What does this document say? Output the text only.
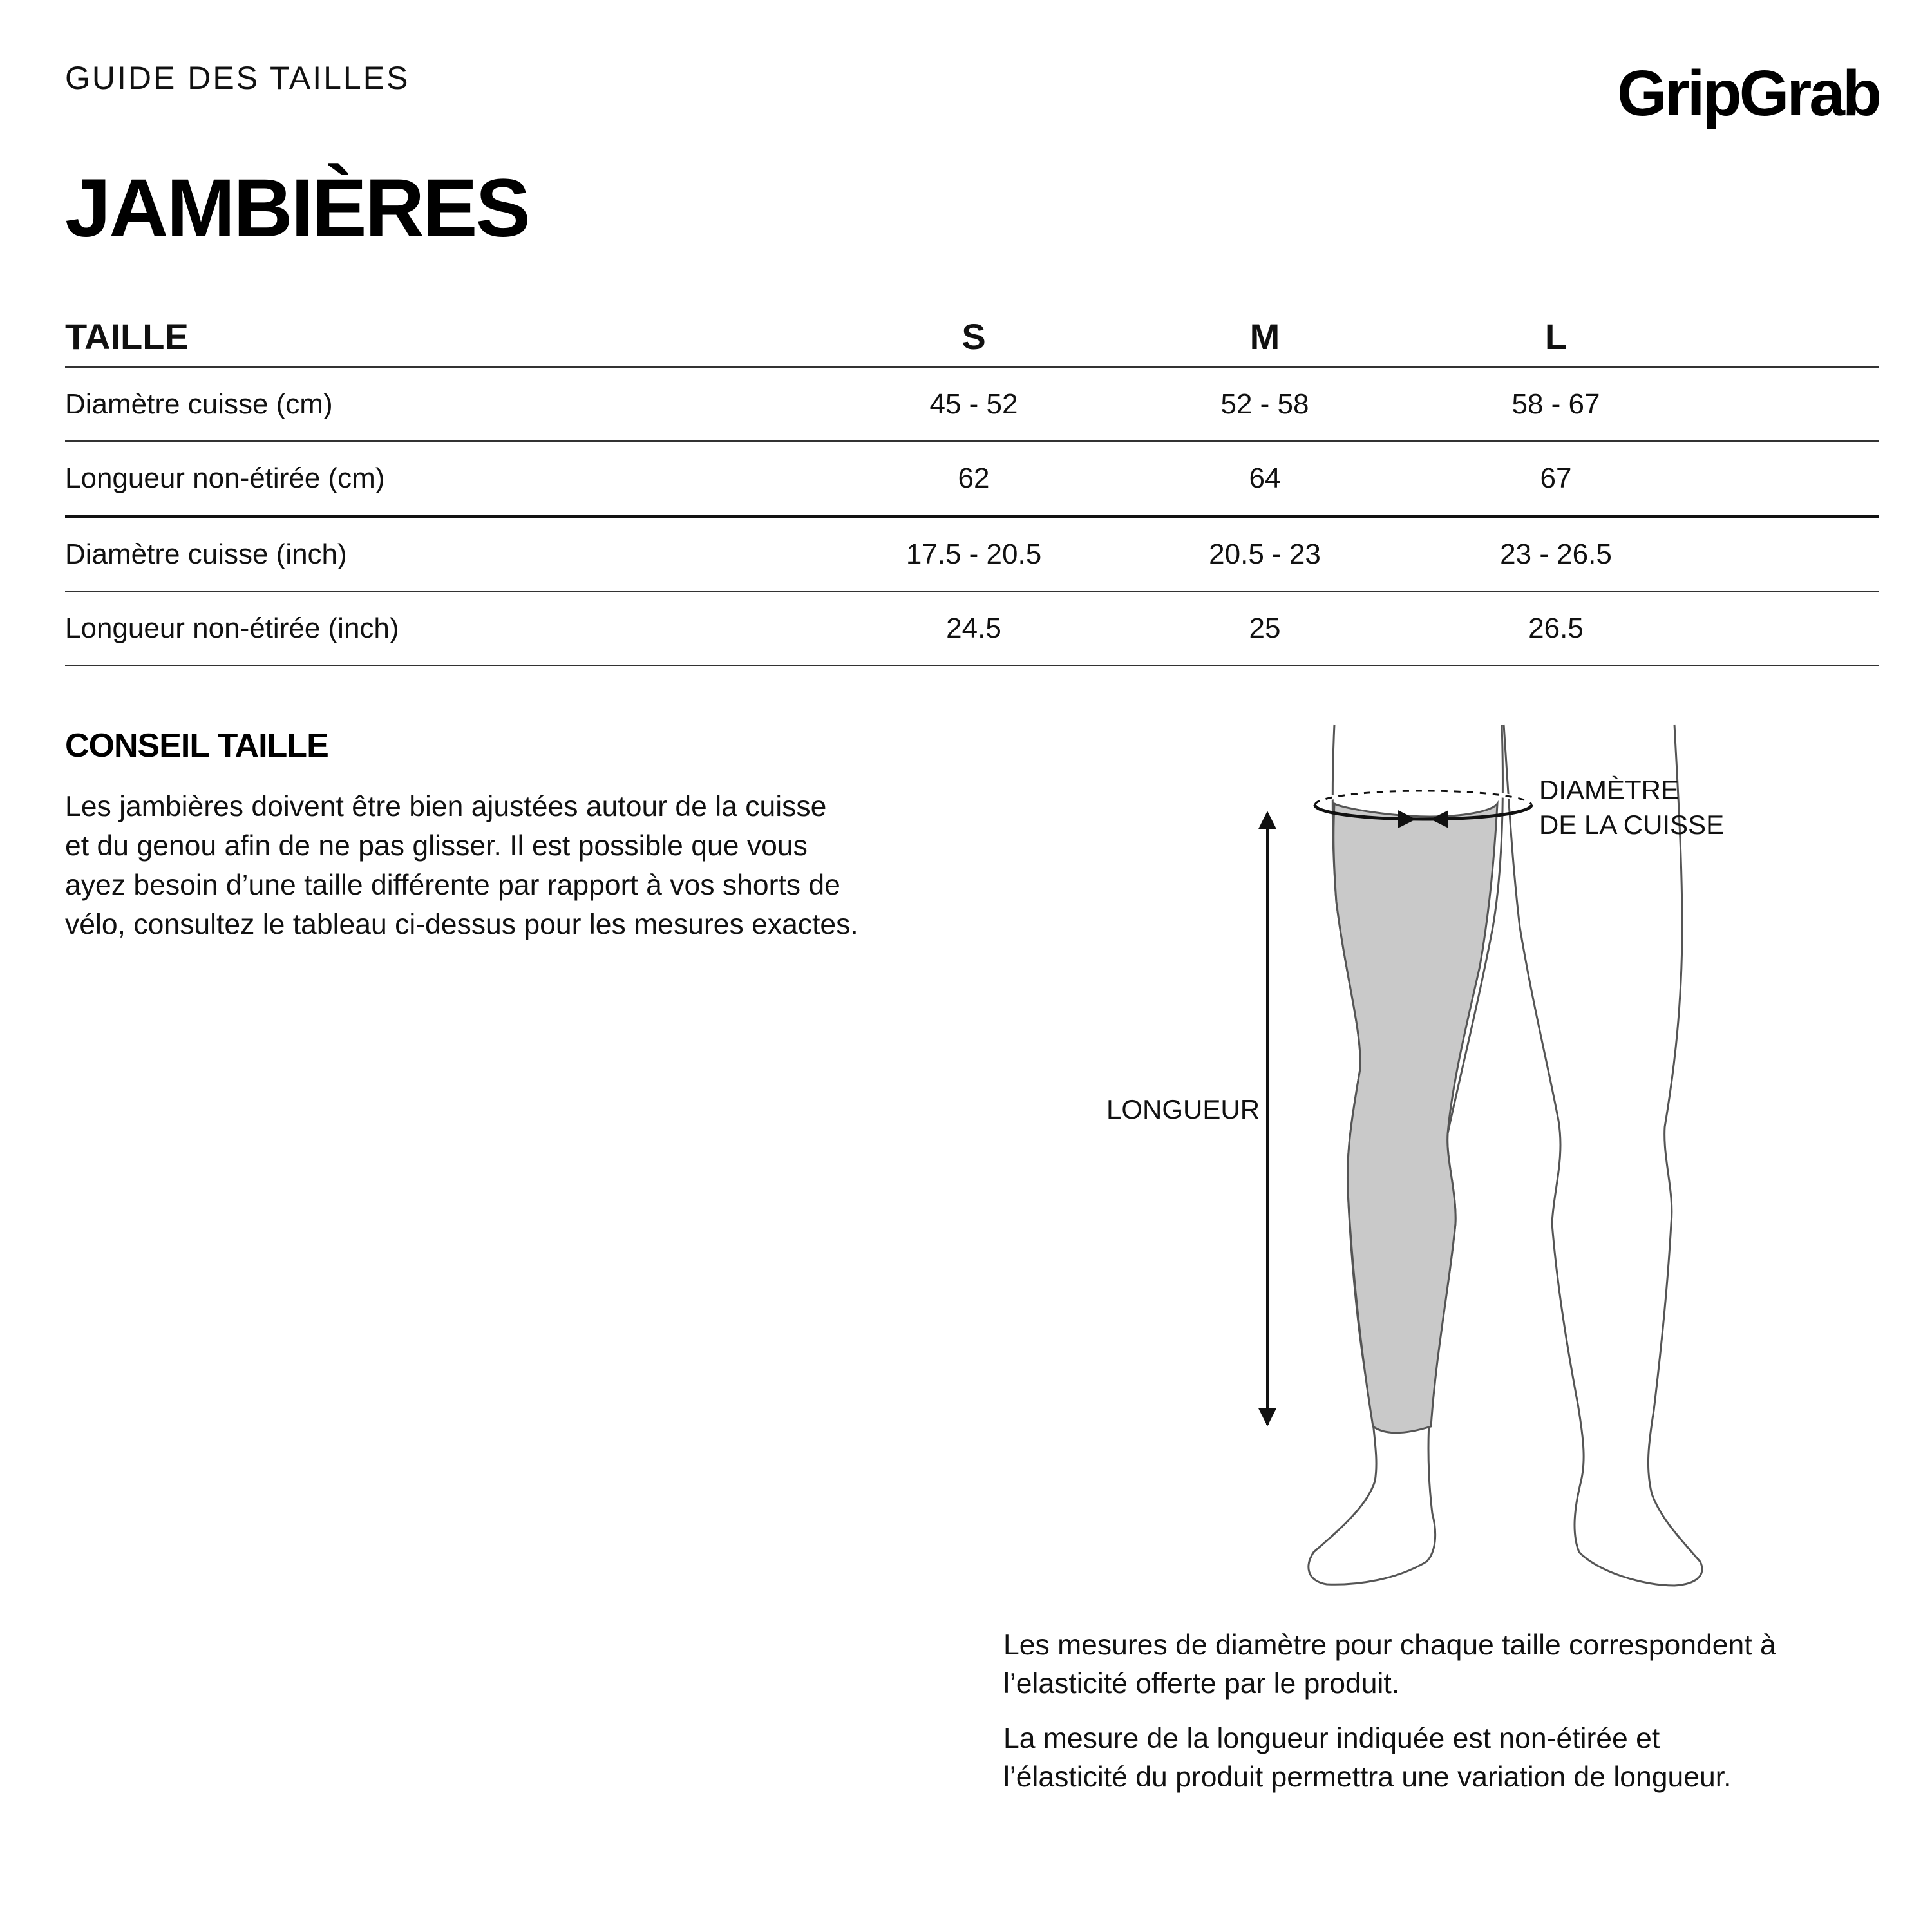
GUIDE DES TAILLES	GripGrab
JAMBIÈRES
TAILLE	S	M	L	
Diamètre cuisse (cm)	45 - 52	52 - 58	58 - 67	
Longueur non-étirée (cm)	62	64	67	
Diamètre cuisse (inch)	17.5 - 20.5	20.5 - 23	23 - 26.5	
Longueur non-étirée (inch)	24.5	25	26.5	
CONSEIL TAILLE

Les jambières doivent être bien ajustées autour de la cuisse
et du genou afin de ne pas glisser. Il est possible que vous
ayez besoin d’une taille différente par rapport à vos shorts de
vélo, consultez le tableau ci-dessus pour les mesures exactes.

DIAMÈTRE
DE LA CUISSE

LONGUEUR

Les mesures de diamètre pour chaque taille correspondent à
l’elasticité offerte par le produit.

La mesure de la longueur indiquée est non-étirée et
l’élasticité du produit permettra une variation de longueur.
